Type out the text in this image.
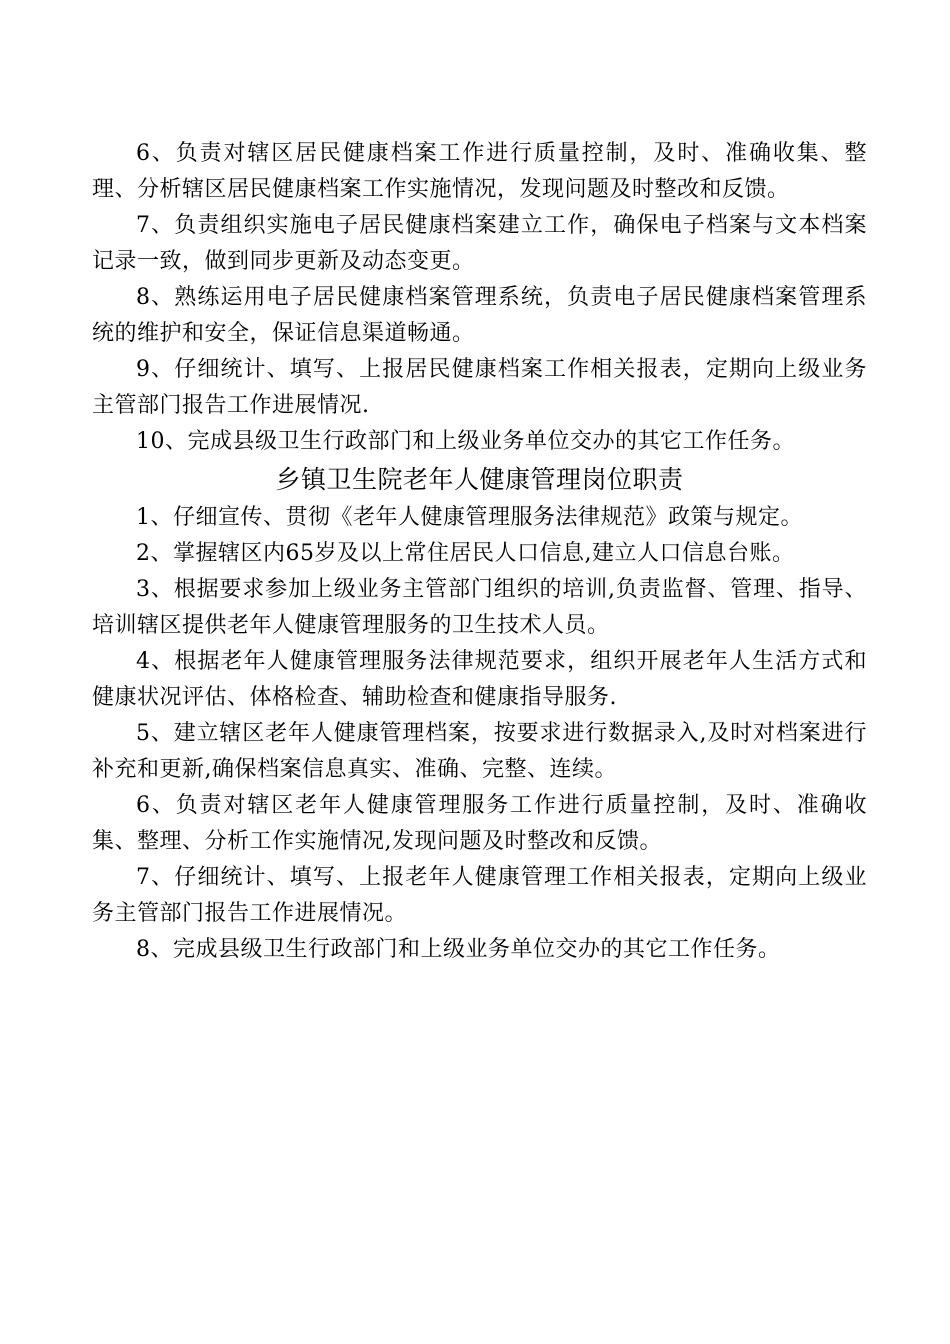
6、负责对辖区居民健康档案工作进行质量控制，及时、准确收集、整理、分析辖区居民健康档案工作实施情况，发现问题及时整改和反馈。

7、负责组织实施电子居民健康档案建立工作，确保电子档案与文本档案记录一致，做到同步更新及动态变更。

8、熟练运用电子居民健康档案管理系统，负责电子居民健康档案管理系统的维护和安全，保证信息渠道畅通。

9、仔细统计、填写、上报居民健康档案工作相关报表，定期向上级业务主管部门报告工作进展情况.

10、完成县级卫生行政部门和上级业务单位交办的其它工作任务。

乡镇卫生院老年人健康管理岗位职责

1、仔细宣传、贯彻《老年人健康管理服务法律规范》政策与规定。

2、掌握辖区内65岁及以上常住居民人口信息,建立人口信息台账。

3、根据要求参加上级业务主管部门组织的培训,负责监督、管理、指导、培训辖区提供老年人健康管理服务的卫生技术人员。

4、根据老年人健康管理服务法律规范要求，组织开展老年人生活方式和健康状况评估、体格检查、辅助检查和健康指导服务.

5、建立辖区老年人健康管理档案，按要求进行数据录入,及时对档案进行补充和更新,确保档案信息真实、准确、完整、连续。

6、负责对辖区老年人健康管理服务工作进行质量控制，及时、准确收集、整理、分析工作实施情况,发现问题及时整改和反馈。

7、仔细统计、填写、上报老年人健康管理工作相关报表，定期向上级业务主管部门报告工作进展情况。

8、完成县级卫生行政部门和上级业务单位交办的其它工作任务。
